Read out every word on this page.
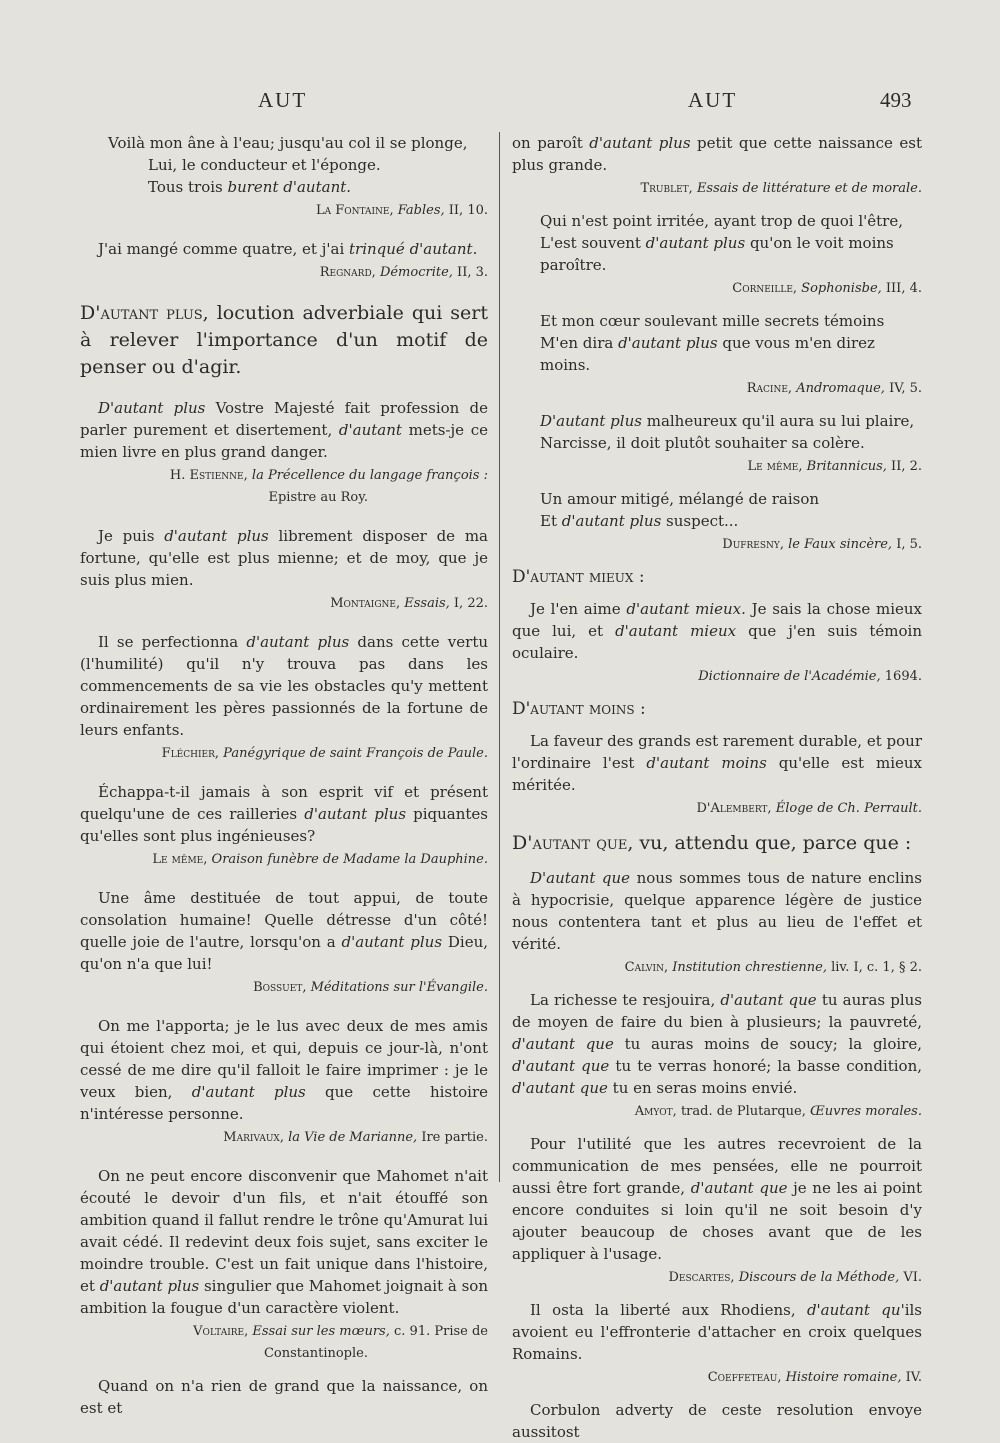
AUT	AUT	493
Voilà mon âne à l'eau; jusqu'au col il se plonge,
Lui, le conducteur et l'éponge.
Tous trois burent d'autant.
La Fontaine, Fables, II, 10.

J'ai mangé comme quatre, et j'ai trinqué d'autant.

Regnard, Démocrite, II, 3.

D'autant plus, locution adverbiale qui sert à relever l'importance d'un motif de penser ou d'agir.

D'autant plus Vostre Majesté fait profession de parler purement et disertement, d'autant mets-je ce mien livre en plus grand danger.

H. Estienne, la Précellence du langage françois :
Epistre au Roy.

Je puis d'autant plus librement disposer de ma fortune, qu'elle est plus mienne; et de moy, que je suis plus mien.

Montaigne, Essais, I, 22.

Il se perfectionna d'autant plus dans cette vertu (l'humilité) qu'il n'y trouva pas dans les commencements de sa vie les obstacles qu'y mettent ordinairement les pères passionnés de la fortune de leurs enfants.

Fléchier, Panégyrique de saint François de Paule.

Échappa-t-il jamais à son esprit vif et présent quelqu'une de ces railleries d'autant plus piquantes qu'elles sont plus ingénieuses?

Le même, Oraison funèbre de Madame la Dauphine.

Une âme destituée de tout appui, de toute consolation humaine! Quelle détresse d'un côté! quelle joie de l'autre, lorsqu'on a d'autant plus Dieu, qu'on n'a que lui!

Bossuet, Méditations sur l'Évangile.

On me l'apporta; je le lus avec deux de mes amis qui étoient chez moi, et qui, depuis ce jour-là, n'ont cessé de me dire qu'il falloit le faire imprimer : je le veux bien, d'autant plus que cette histoire n'intéresse personne.

Marivaux, la Vie de Marianne, Ire partie.

On ne peut encore disconvenir que Mahomet n'ait écouté le devoir d'un fils, et n'ait étouffé son ambition quand il fallut rendre le trône qu'Amurat lui avait cédé. Il redevint deux fois sujet, sans exciter le moindre trouble. C'est un fait unique dans l'histoire, et d'autant plus singulier que Mahomet joignait à son ambition la fougue d'un caractère violent.

Voltaire, Essai sur les mœurs, c. 91. Prise de
Constantinople.

Quand on n'a rien de grand que la naissance, on est et

on paroît d'autant plus petit que cette naissance est plus grande.

Trublet, Essais de littérature et de morale.
Qui n'est point irritée, ayant trop de quoi l'être,
L'est souvent d'autant plus qu'on le voit moins paroître.
Corneille, Sophonisbe, III, 4.
Et mon cœur soulevant mille secrets témoins
M'en dira d'autant plus que vous m'en direz moins.
Racine, Andromaque, IV, 5.
D'autant plus malheureux qu'il aura su lui plaire,
Narcisse, il doit plutôt souhaiter sa colère.
Le même, Britannicus, II, 2.
Un amour mitigé, mélangé de raison
Et d'autant plus suspect...
Dufresny, le Faux sincère, I, 5.

D'autant mieux :

Je l'en aime d'autant mieux. Je sais la chose mieux que lui, et d'autant mieux que j'en suis témoin oculaire.

Dictionnaire de l'Académie, 1694.

D'autant moins :

La faveur des grands est rarement durable, et pour l'ordinaire l'est d'autant moins qu'elle est mieux méritée.

D'Alembert, Éloge de Ch. Perrault.

D'autant que, vu, attendu que, parce que :

D'autant que nous sommes tous de nature enclins à hypocrisie, quelque apparence légère de justice nous contentera tant et plus au lieu de l'effet et vérité.

Calvin, Institution chrestienne, liv. I, c. 1, § 2.

La richesse te resjouira, d'autant que tu auras plus de moyen de faire du bien à plusieurs; la pauvreté, d'autant que tu auras moins de soucy; la gloire, d'autant que tu te verras honoré; la basse condition, d'autant que tu en seras moins envié.

Amyot, trad. de Plutarque, Œuvres morales.

Pour l'utilité que les autres recevroient de la communication de mes pensées, elle ne pourroit aussi être fort grande, d'autant que je ne les ai point encore conduites si loin qu'il ne soit besoin d'y ajouter beaucoup de choses avant que de les appliquer à l'usage.

Descartes, Discours de la Méthode, VI.

Il osta la liberté aux Rhodiens, d'autant qu'ils avoient eu l'effronterie d'attacher en croix quelques Romains.

Coeffeteau, Histoire romaine, IV.

Corbulon adverty de ceste resolution envoye aussitost
